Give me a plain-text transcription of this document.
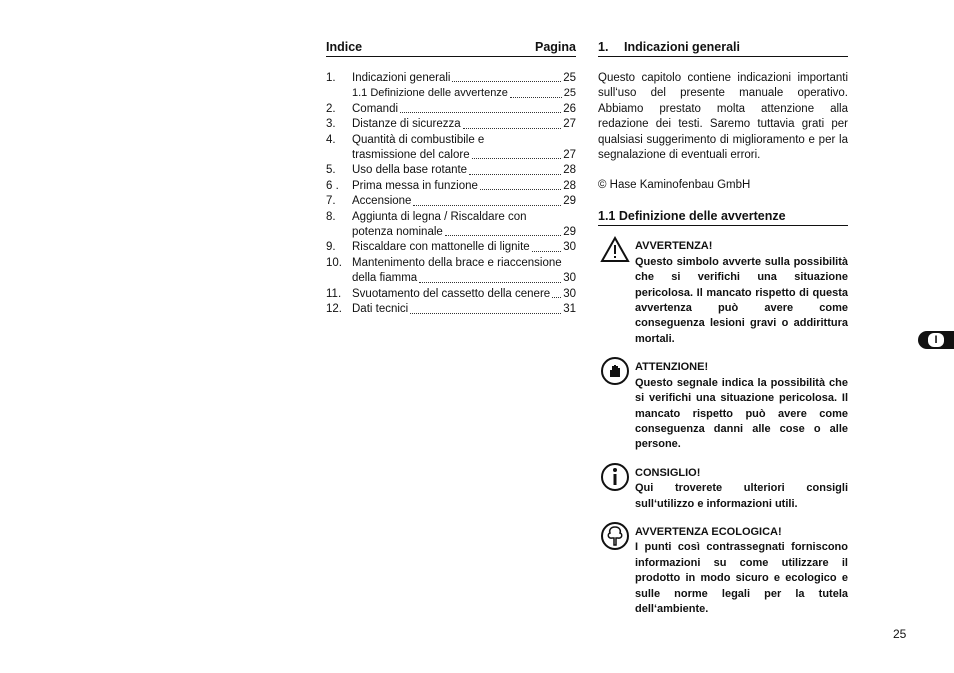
Indice	Pagina
1.	Indicazioni generali	25
1.1 Definizione delle avvertenze	25
2.	Comandi	26
3.	Distanze di sicurezza	27
4.	Quantità di combustibile e
trasmissione del calore	27
5.	Uso della base rotante	28
6 .	Prima messa in funzione	28
7.	Accensione	29
8.	Aggiunta di legna / Riscaldare con
potenza nominale	29
9.	Riscaldare con mattonelle di lignite	30
10. Mantenimento della brace e riaccensione
della fiamma	30
11. Svuotamento del cassetto della cenere 30
12. Dati tecnici	31
1. Indicazioni generali
Questo capitolo contiene indicazioni importanti sull‘uso del presente manuale operativo. Abbiamo prestato molta attenzione alla redazione dei testi. Saremo tuttavia grati per qualsiasi suggerimento di miglioramento e per la segnalazione di eventuali errori.
© Hase Kaminofenbau GmbH
1.1 Definizione delle avvertenze
AVVERTENZA!
Questo simbolo avverte sulla possibilità che si verifichi una situazione pericolosa. Il mancato rispetto di questa avvertenza può avere come conseguenza lesioni gravi o addirittura mortali.
ATTENZIONE!
Questo segnale indica la possibilità che si verifichi una situazione pericolosa. Il mancato rispetto può avere come conseguenza danni alle cose o alle persone.
CONSIGLIO!
Qui troverete ulteriori consigli sull‘utilizzo e informazioni utili.
AVVERTENZA ECOLOGICA!
I punti così contrassegnati forniscono informazioni su come utilizzare il prodotto in modo sicuro e ecologico e sulle norme legali per la tutela dell‘ambiente.
I
25
